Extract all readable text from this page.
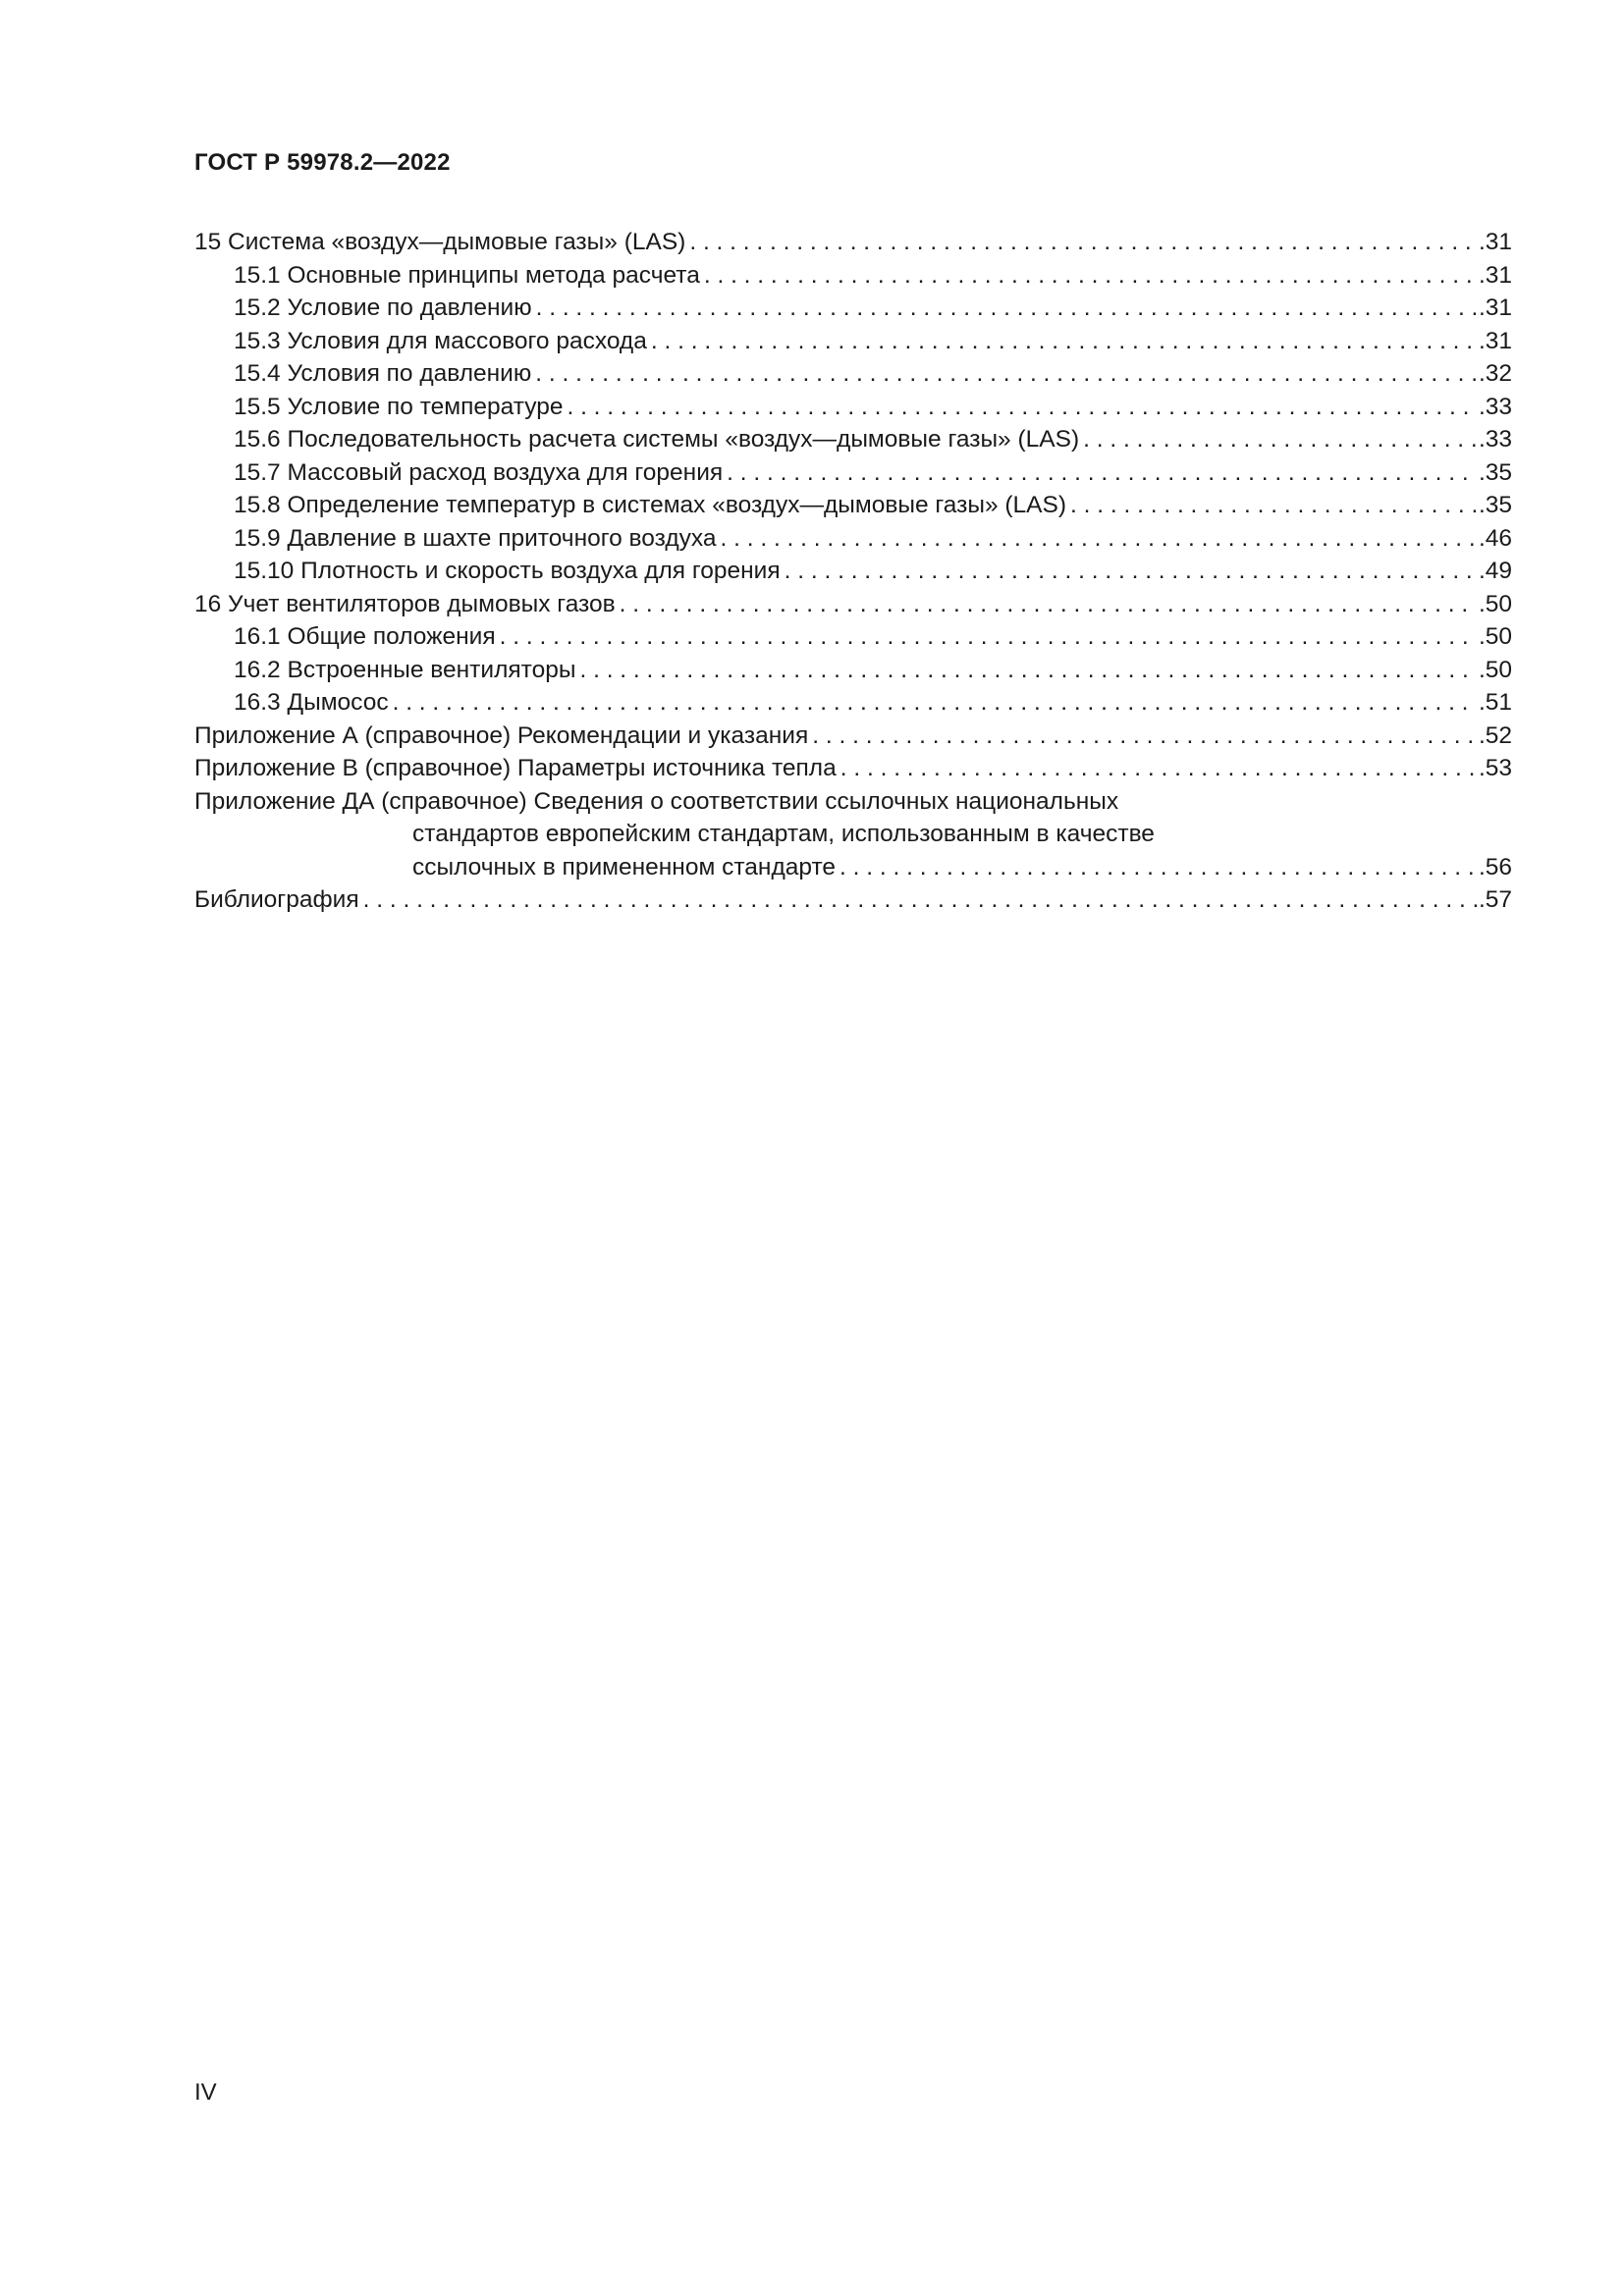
ГОСТ Р 59978.2—2022
15 Система «воздух—дымовые газы» (LAS) . . .	.31
15.1 Основные принципы метода расчета . . .	.31
15.2 Условие по давлению . . .	.31
15.3 Условия для массового расхода . . .	.31
15.4 Условия по давлению . . .	.32
15.5 Условие по температуре . . .	.33
15.6 Последовательность расчета системы «воздух—дымовые газы» (LAS) . . .	.33
15.7 Массовый расход воздуха для горения . . .	.35
15.8 Определение температур в системах «воздух—дымовые газы» (LAS) . . .	.35
15.9 Давление в шахте приточного воздуха . . .	.46
15.10 Плотность и скорость воздуха для горения . . .	.49
16 Учет вентиляторов дымовых газов . . .	.50
16.1 Общие положения . . .	.50
16.2 Встроенные вентиляторы . . .	.50
16.3 Дымосос . . .	.51
Приложение А (справочное) Рекомендации и указания . . .	.52
Приложение В (справочное) Параметры источника тепла . . .	.53
Приложение ДА (справочное) Сведения о соответствии ссылочных национальных
стандартов европейским стандартам, использованным в качестве
ссылочных в примененном стандарте . . .	.56
Библиография . . .	.57
IV
